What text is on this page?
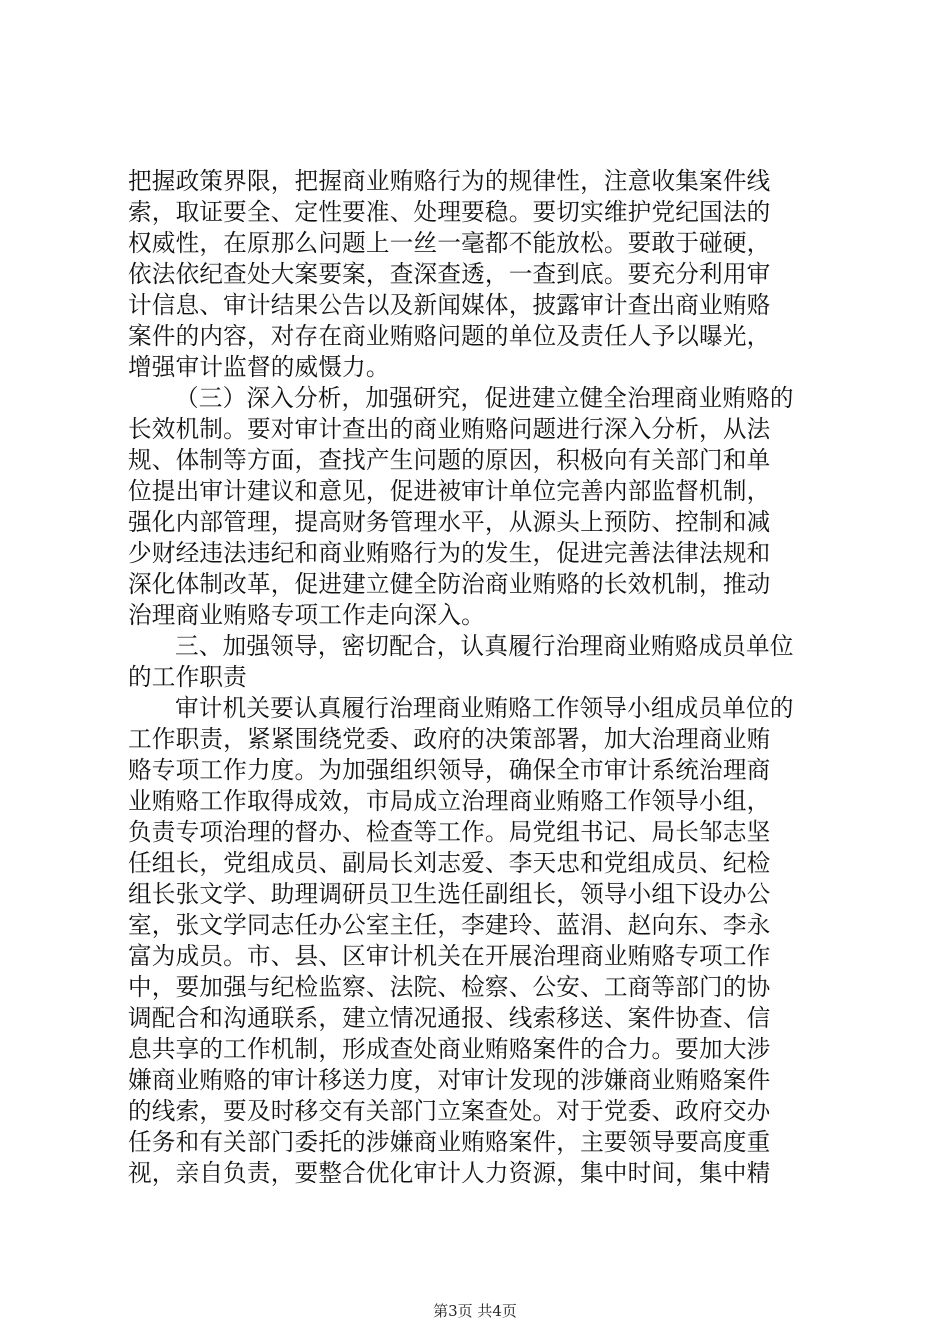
把握政策界限，把握商业贿赂行为的规律性，注意收集案件线
索，取证要全、定性要准、处理要稳。要切实维护党纪国法的
权威性，在原那么问题上一丝一毫都不能放松。要敢于碰硬，
依法依纪查处大案要案，查深查透，一查到底。要充分利用审
计信息、审计结果公告以及新闻媒体，披露审计查出商业贿赂
案件的内容，对存在商业贿赂问题的单位及责任人予以曝光，
增强审计监督的威慑力。
（三）深入分析，加强研究，促进建立健全治理商业贿赂的
长效机制。要对审计查出的商业贿赂问题进行深入分析，从法
规、体制等方面，查找产生问题的原因，积极向有关部门和单
位提出审计建议和意见，促进被审计单位完善内部监督机制，
强化内部管理，提高财务管理水平，从源头上预防、控制和减
少财经违法违纪和商业贿赂行为的发生，促进完善法律法规和
深化体制改革，促进建立健全防治商业贿赂的长效机制，推动
治理商业贿赂专项工作走向深入。
三、加强领导，密切配合，认真履行治理商业贿赂成员单位
的工作职责
审计机关要认真履行治理商业贿赂工作领导小组成员单位的
工作职责，紧紧围绕党委、政府的决策部署，加大治理商业贿
赂专项工作力度。为加强组织领导，确保全市审计系统治理商
业贿赂工作取得成效，市局成立治理商业贿赂工作领导小组，
负责专项治理的督办、检查等工作。局党组书记、局长邹志坚
任组长，党组成员、副局长刘志爱、李天忠和党组成员、纪检
组长张文学、助理调研员卫生选任副组长，领导小组下设办公
室，张文学同志任办公室主任，李建玲、蓝涓、赵向东、李永
富为成员。市、县、区审计机关在开展治理商业贿赂专项工作
中，要加强与纪检监察、法院、检察、公安、工商等部门的协
调配合和沟通联系，建立情况通报、线索移送、案件协查、信
息共享的工作机制，形成查处商业贿赂案件的合力。要加大涉
嫌商业贿赂的审计移送力度，对审计发现的涉嫌商业贿赂案件
的线索，要及时移交有关部门立案查处。对于党委、政府交办
任务和有关部门委托的涉嫌商业贿赂案件，主要领导要高度重
视，亲自负责，要整合优化审计人力资源，集中时间，集中精
第3页 共4页
